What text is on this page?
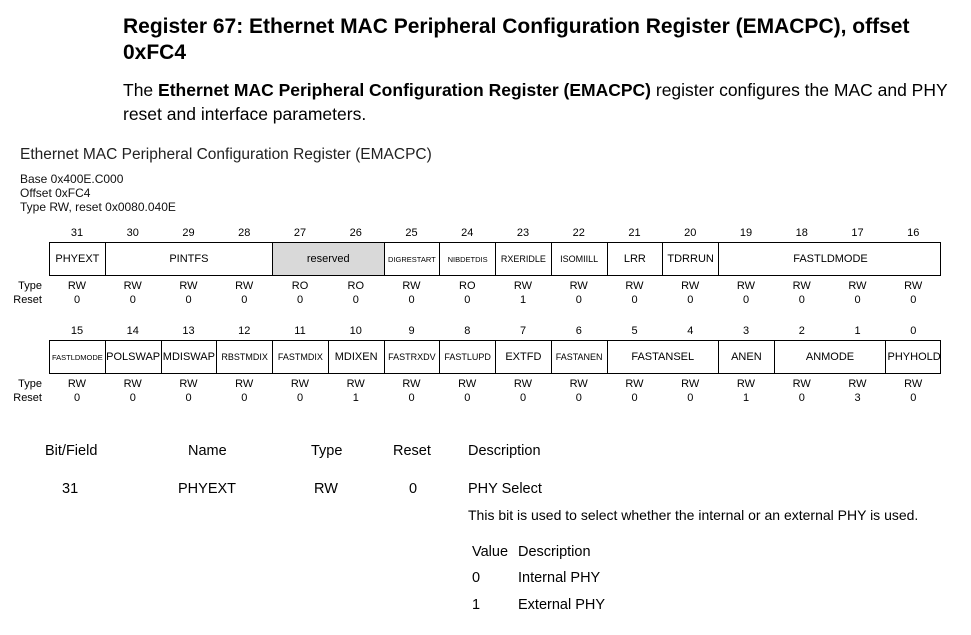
Register 67: Ethernet MAC Peripheral Configuration Register (EMACPC), offset 0xFC4
The Ethernet MAC Peripheral Configuration Register (EMACPC) register configures the MAC and PHY reset and interface parameters.
Ethernet MAC Peripheral Configuration Register (EMACPC)
Base 0x400E.C000
Offset 0xFC4
Type RW, reset 0x0080.040E
31	30	29	28	27	26	25	24	23	22	21	20	19	18	17	16
PHYEXT	PINTFS	reserved	DIGRESTART	NIBDETDIS	RXERIDLE	ISOMIILL	LRR	TDRRUN	FASTLDMODE
Type
Reset
RW	RW	RW	RW	RO	RO	RW	RO	RW	RW	RW	RW	RW	RW	RW	RW
0	0	0	0	0	0	0	0	1	0	0	0	0	0	0	0
15	14	13	12	11	10	9	8	7	6	5	4	3	2	1	0
FASTLDMODE POLSWAP MDISWAP RBSTMDIX	FASTMDIX	MDIXEN	FASTRXDV FASTLUPD	EXTFD	FASTANEN	FASTANSEL	ANEN	ANMODE	PHYHOLD
Type
Reset
RW	RW	RW	RW	RW	RW	RW	RW	RW	RW	RW	RW	RW	RW	RW	RW
0	0	0	0	0	1	0	0	0	0	0	0	1	0	3	0
Bit/Field	Name	Type	Reset	Description
31	PHYEXT	RW	0	PHY Select
This bit is used to select whether the internal or an external PHY is used.
Value Description
0	Internal PHY
1	External PHY
